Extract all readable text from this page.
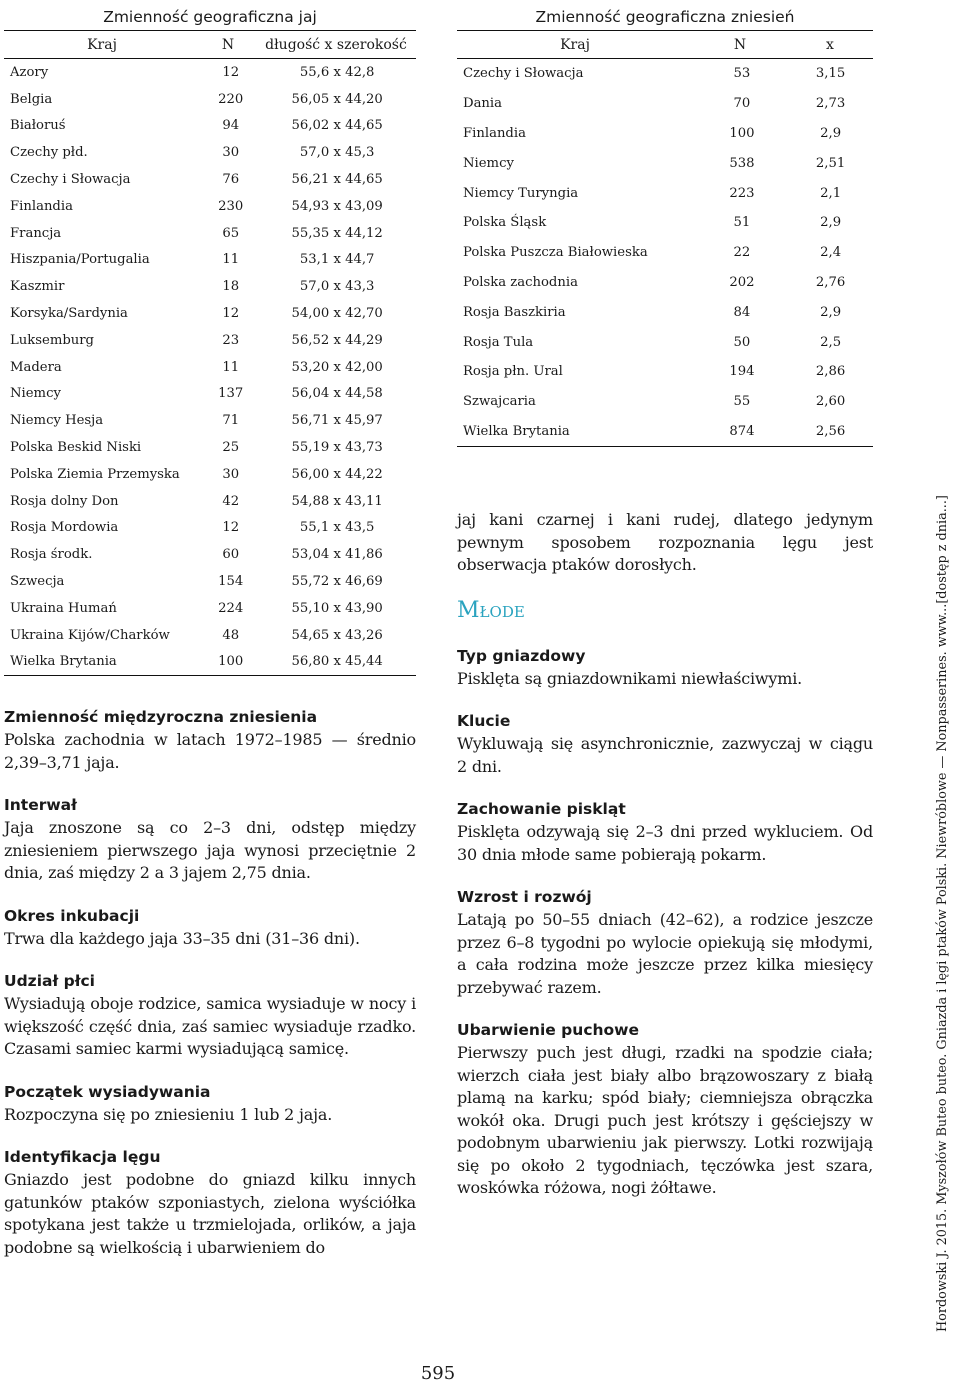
Zmienność geograficzna jaj
Kraj	N	długość x szerokość
Azory	12	55,6 x 42,8
Belgia	220	56,05 x 44,20
Białoruś	94	56,02 x 44,65
Czechy płd.	30	57,0 x 45,3
Czechy i Słowacja	76	56,21 x 44,65
Finlandia	230	54,93 x 43,09
Francja	65	55,35 x 44,12
Hiszpania/Portugalia	11	53,1 x 44,7
Kaszmir	18	57,0 x 43,3
Korsyka/Sardynia	12	54,00 x 42,70
Luksemburg	23	56,52 x 44,29
Madera	11	53,20 x 42,00
Niemcy	137	56,04 x 44,58
Niemcy Hesja	71	56,71 x 45,97
Polska Beskid Niski	25	55,19 x 43,73
Polska Ziemia Przemyska	30	56,00 x 44,22
Rosja dolny Don	42	54,88 x 43,11
Rosja Mordowia	12	55,1 x 43,5
Rosja środk.	60	53,04 x 41,86
Szwecja	154	55,72 x 46,69
Ukraina Humań	224	55,10 x 43,90
Ukraina Kijów/Charków	48	54,65 x 43,26
Wielka Brytania	100	56,80 x 45,44
Zmienność międzyroczna zniesienia

Polska zachodnia w latach 1972–1985 — średnio 2,39–3,71 jaja.

Interwał

Jaja znoszone są co 2–3 dni, odstęp między zniesieniem pierwszego jaja wynosi przeciętnie 2 dnia, zaś między 2 a 3 jajem 2,75 dnia.

Okres inkubacji

Trwa dla każdego jaja 33–35 dni (31–36 dni).

Udział płci

Wysiadują oboje rodzice, samica wysiaduje w nocy i większość część dnia, zaś samiec wysiaduje rzadko. Czasami samiec karmi wysiadującą samicę.

Początek wysiadywania

Rozpoczyna się po zniesieniu 1 lub 2 jaja.

Identyfikacja lęgu

Gniazdo jest podobne do gniazd kilku innych gatunków ptaków szponiastych, zielona wyściółka spotykana jest także u trzmielojada, orlików, a jaja podobne są wielkością i ubarwieniem do

Zmienność geograficzna zniesień
Kraj	N	x
Czechy i Słowacja	53	3,15
Dania	70	2,73
Finlandia	100	2,9
Niemcy	538	2,51
Niemcy Turyngia	223	2,1
Polska Śląsk	51	2,9
Polska Puszcza Białowieska	22	2,4
Polska zachodnia	202	2,76
Rosja Baszkiria	84	2,9
Rosja Tula	50	2,5
Rosja płn. Ural	194	2,86
Szwajcaria	55	2,60
Wielka Brytania	874	2,56

jaj kani czarnej i kani rudej, dlatego jedynym pewnym sposobem rozpoznania lęgu jest obserwacja ptaków dorosłych.

Młode
Typ gniazdowy

Pisklęta są gniazdownikami niewłaściwymi.

Klucie

Wykluwają się asynchronicznie, zazwyczaj w ciągu 2 dni.

Zachowanie piskląt

Pisklęta odzywają się 2–3 dni przed wykluciem. Od 30 dnia młode same pobierają pokarm.

Wzrost i rozwój

Latają po 50–55 dniach (42–62), a rodzice jeszcze przez 6–8 tygodni po wylocie opiekują się młodymi, a cała rodzina może jeszcze przez kilka miesięcy przebywać razem.

Ubarwienie puchowe

Pierwszy puch jest długi, rzadki na spodzie ciała; wierzch ciała jest biały albo brązowoszary z białą plamą na karku; spód biały; ciemniejsza obrączka wokół oka. Drugi puch jest krótszy i gęściejszy w podobnym ubarwieniu jak pierwszy. Lotki rozwijają się po około 2 tygodniach, tęczówka jest szara, woskówka różowa, nogi żółtawe.

595
Hordowski J. 2015. Myszołów Buteo buteo. Gniazda i lęgi ptaków Polski. Niewróblowe — Nonpasserines. www...[dostęp z dnia...]
